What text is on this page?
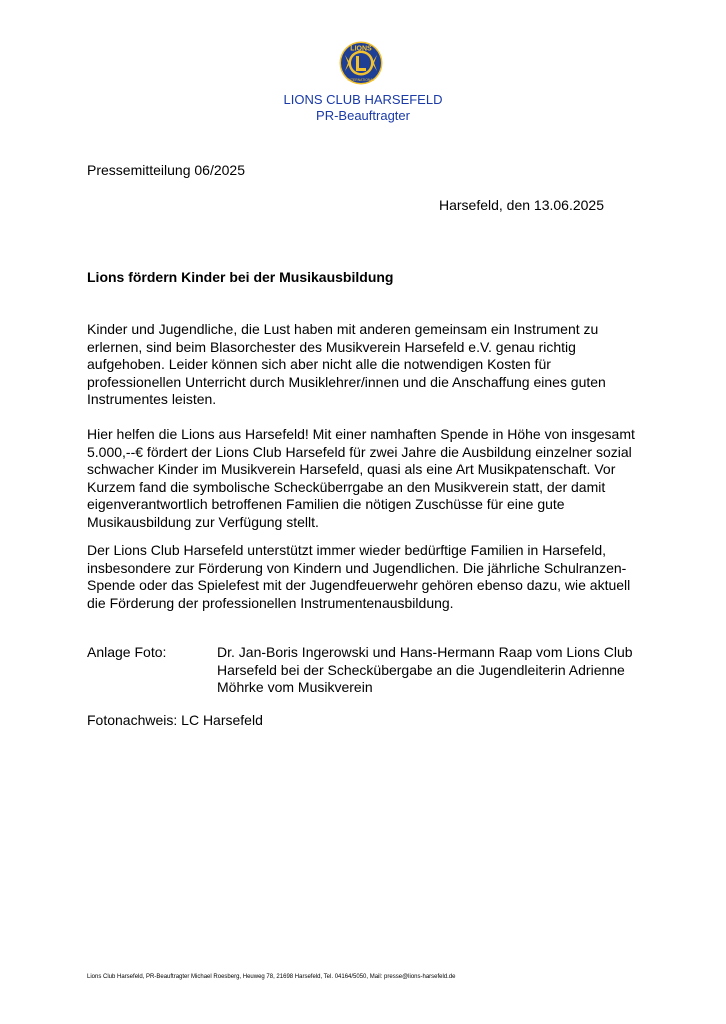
LIONS
INTERNATIONAL
LIONS CLUB HARSEFELD
PR-Beauftragter
Pressemitteilung 06/2025
Harsefeld, den 13.06.2025
Lions fördern Kinder bei der Musikausbildung

Kinder und Jugendliche, die Lust haben mit anderen gemeinsam ein Instrument zu erlernen, sind beim Blasorchester des Musikverein Harsefeld e.V. genau richtig aufgehoben. Leider können sich aber nicht alle die notwendigen Kosten für professionellen Unterricht durch Musiklehrer/innen und die Anschaffung eines guten Instrumentes leisten.

Hier helfen die Lions aus Harsefeld! Mit einer namhaften Spende in Höhe von insgesamt 5.000,--€ fördert der Lions Club Harsefeld für zwei Jahre die Ausbildung einzelner sozial schwacher Kinder im Musikverein Harsefeld, quasi als eine Art Musikpatenschaft. Vor Kurzem fand die symbolische Schecküberrgabe an den Musikverein statt, der damit eigenverantwortlich betroffenen Familien die nötigen Zuschüsse für eine gute Musikausbildung zur Verfügung stellt.

Der Lions Club Harsefeld unterstützt immer wieder bedürftige Familien in Harsefeld, insbesondere zur Förderung von Kindern und Jugendlichen. Die jährliche Schulranzen-Spende oder das Spielefest mit der Jugendfeuerwehr gehören ebenso dazu, wie aktuell die Förderung der professionellen Instrumentenausbildung.

Anlage Foto:	Dr. Jan-Boris Ingerowski und Hans-Hermann Raap vom Lions Club Harsefeld bei der Scheckübergabe an die Jugendleiterin Adrienne Möhrke vom Musikverein
Fotonachweis: LC Harsefeld
Lions Club Harsefeld, PR-Beauftragter Michael Roesberg, Heuweg 78, 21698 Harsefeld, Tel. 04164/5050, Mail: presse@lions-harsefeld.de
